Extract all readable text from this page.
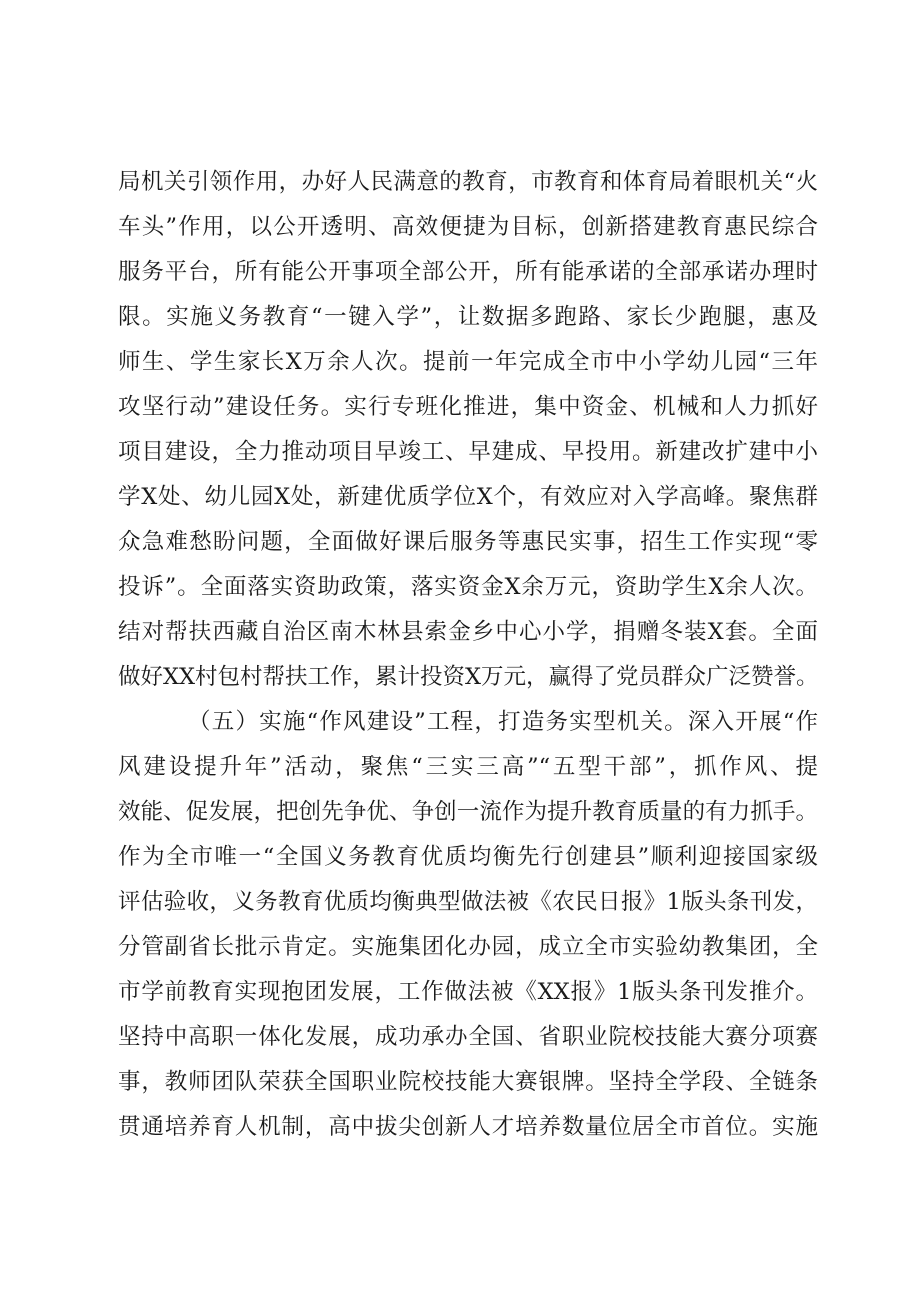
局机关引领作用，办好人民满意的教育，市教育和体育局着眼机关“火
车头”作用，以公开透明、高效便捷为目标，创新搭建教育惠民综合
服务平台，所有能公开事项全部公开，所有能承诺的全部承诺办理时
限。实施义务教育“一键入学”，让数据多跑路、家长少跑腿，惠及
师生、学生家长X万余人次。提前一年完成全市中小学幼儿园“三年
攻坚行动”建设任务。实行专班化推进，集中资金、机械和人力抓好
项目建设，全力推动项目早竣工、早建成、早投用。新建改扩建中小
学X处、幼儿园X处，新建优质学位X个，有效应对入学高峰。聚焦群
众急难愁盼问题，全面做好课后服务等惠民实事，招生工作实现“零
投诉”。全面落实资助政策，落实资金X余万元，资助学生X余人次。
结对帮扶西藏自治区南木林县索金乡中心小学，捐赠冬装X套。全面
做好XX村包村帮扶工作，累计投资X万元，赢得了党员群众广泛赞誉。
（五）实施“作风建设”工程，打造务实型机关。深入开展“作
风建设提升年”活动，聚焦“三实三高”“五型干部”，抓作风、提
效能、促发展，把创先争优、争创一流作为提升教育质量的有力抓手。
作为全市唯一“全国义务教育优质均衡先行创建县”顺利迎接国家级
评估验收，义务教育优质均衡典型做法被《农民日报》1版头条刊发，
分管副省长批示肯定。实施集团化办园，成立全市实验幼教集团，全
市学前教育实现抱团发展，工作做法被《XX报》1版头条刊发推介。
坚持中高职一体化发展，成功承办全国、省职业院校技能大赛分项赛
事，教师团队荣获全国职业院校技能大赛银牌。坚持全学段、全链条
贯通培养育人机制，高中拔尖创新人才培养数量位居全市首位。实施
